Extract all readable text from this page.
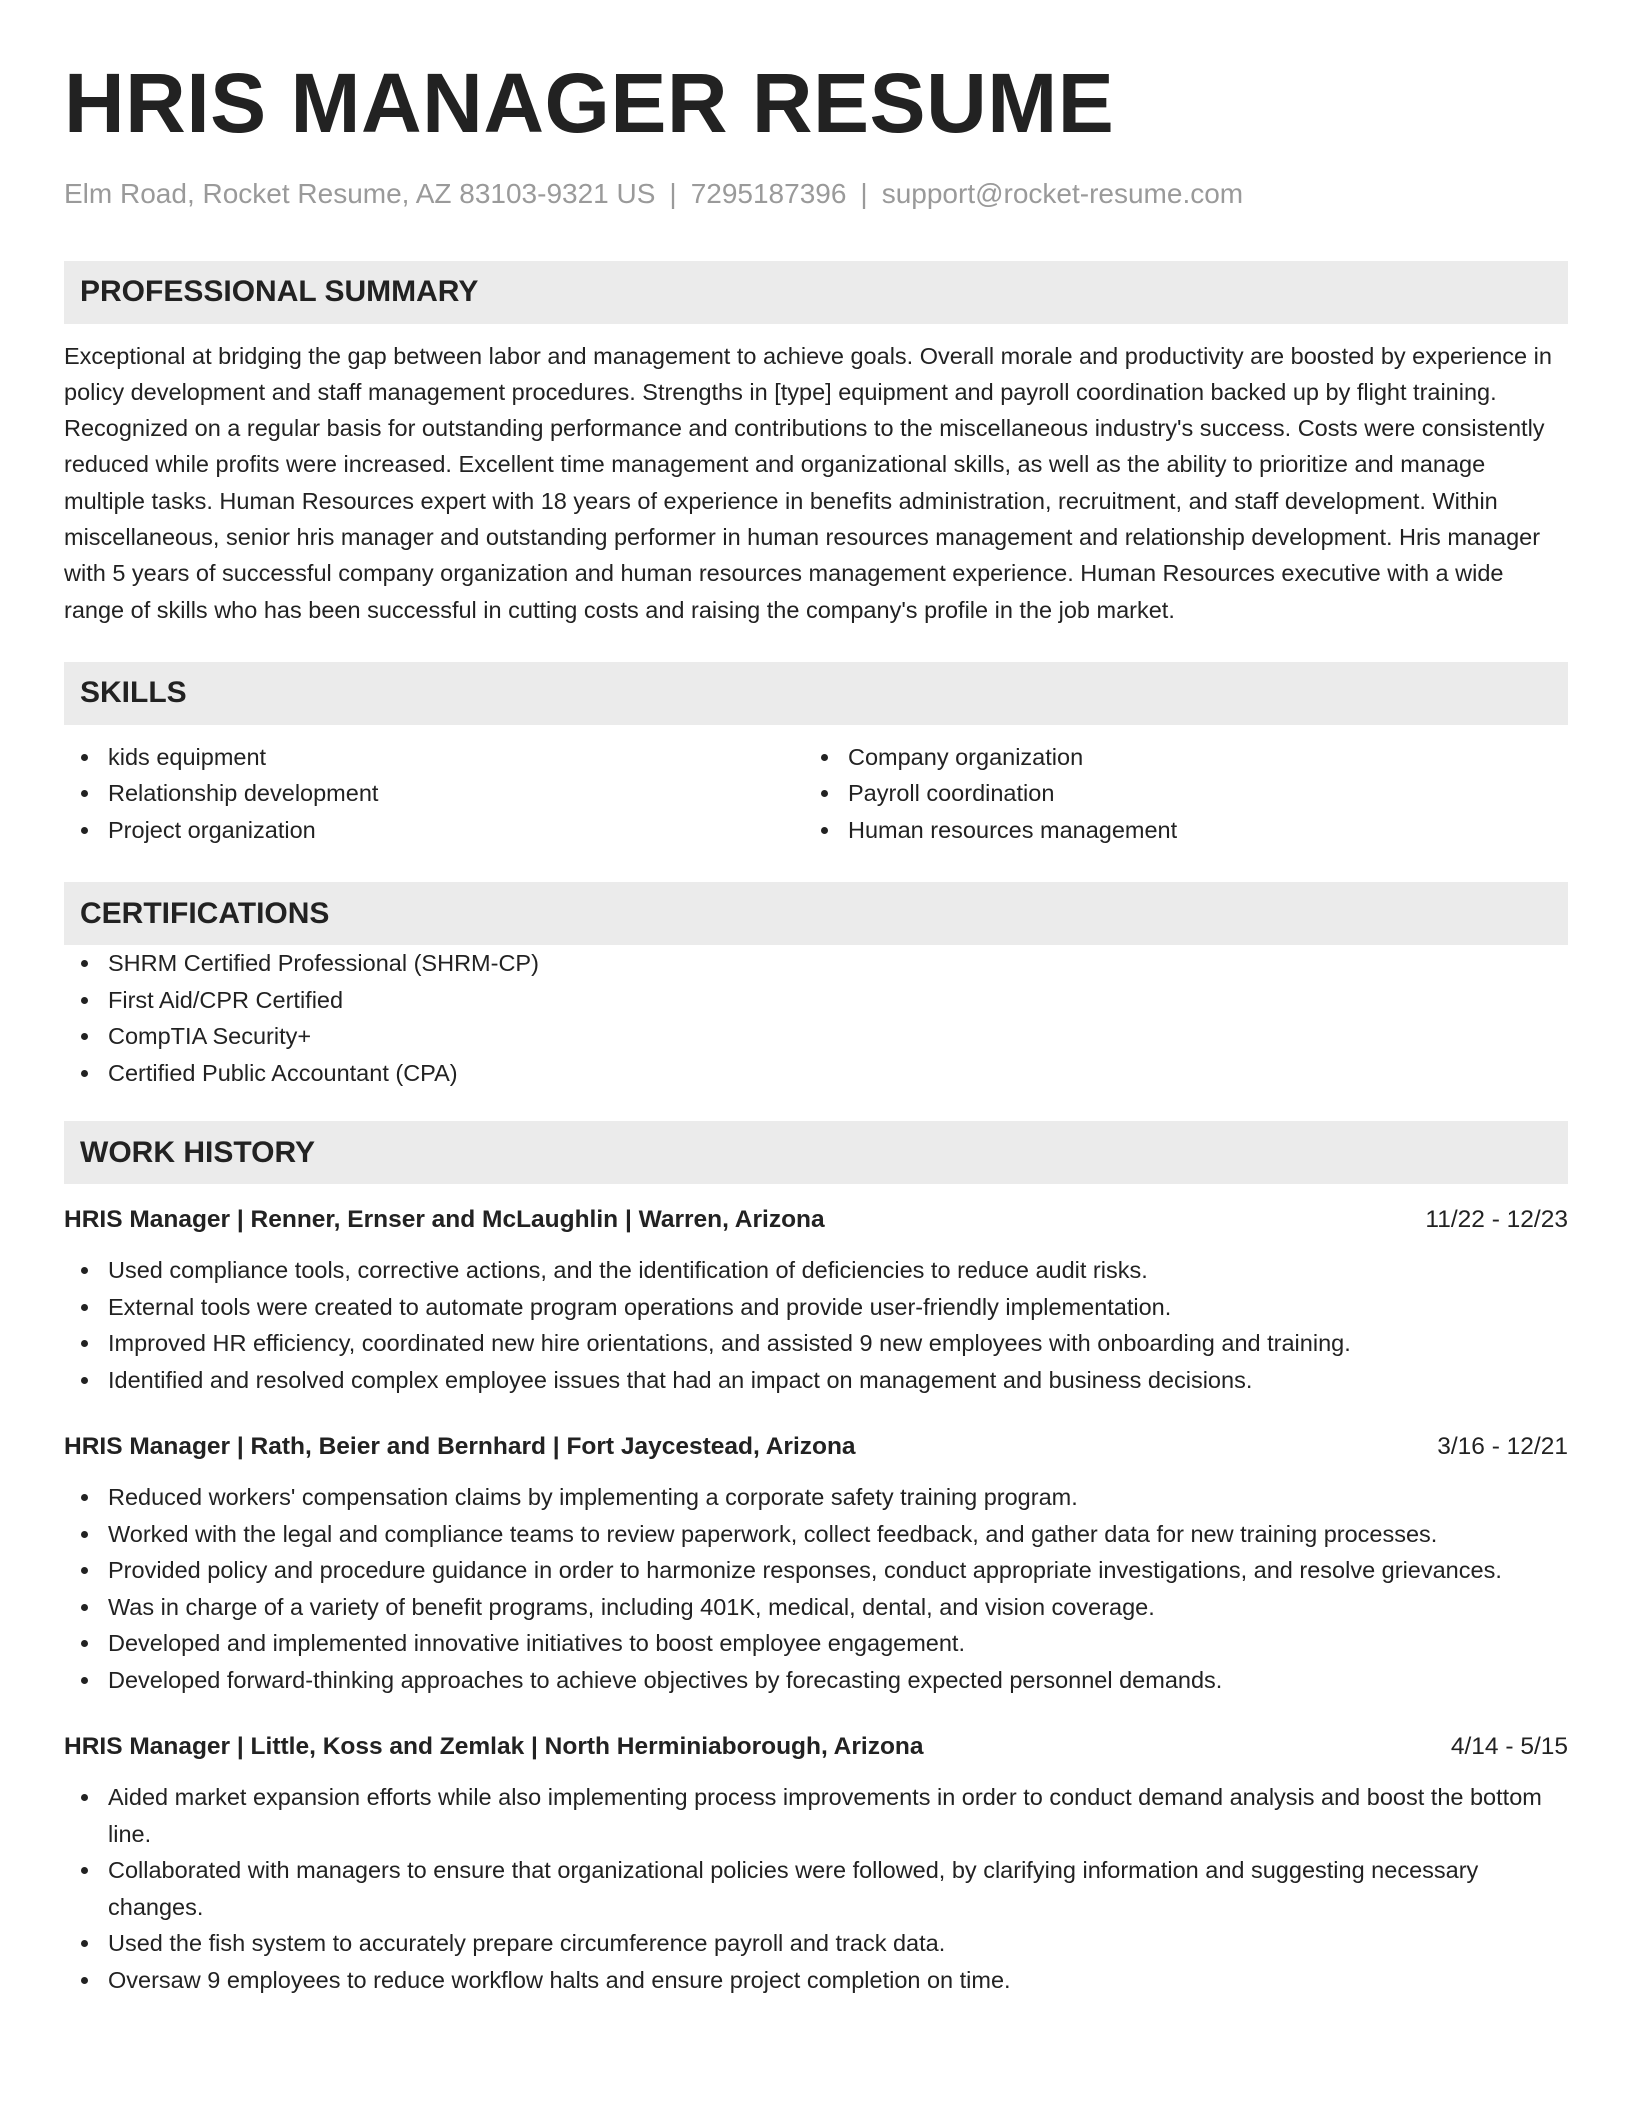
HRIS MANAGER RESUME
Elm Road, Rocket Resume, AZ 83103-9321 US | 7295187396 | support@rocket-resume.com
PROFESSIONAL SUMMARY

Exceptional at bridging the gap between labor and management to achieve goals. Overall morale and productivity are boosted by experience in policy development and staff management procedures. Strengths in [type] equipment and payroll coordination backed up by flight training. Recognized on a regular basis for outstanding performance and contributions to the miscellaneous industry's success. Costs were consistently reduced while profits were increased. Excellent time management and organizational skills, as well as the ability to prioritize and manage multiple tasks. Human Resources expert with 18 years of experience in benefits administration, recruitment, and staff development. Within miscellaneous, senior hris manager and outstanding performer in human resources management and relationship development. Hris manager with 5 years of successful company organization and human resources management experience. Human Resources executive with a wide range of skills who has been successful in cutting costs and raising the company's profile in the job market.

SKILLS
kids equipment
Relationship development
Project organization
Company organization
Payroll coordination
Human resources management
CERTIFICATIONS
SHRM Certified Professional (SHRM-CP)
First Aid/CPR Certified
CompTIA Security+
Certified Public Accountant (CPA)
WORK HISTORY
HRIS Manager | Renner, Ernser and McLaughlin | Warren, Arizona	11/22 - 12/23
Used compliance tools, corrective actions, and the identification of deficiencies to reduce audit risks.
External tools were created to automate program operations and provide user-friendly implementation.
Improved HR efficiency, coordinated new hire orientations, and assisted 9 new employees with onboarding and training.
Identified and resolved complex employee issues that had an impact on management and business decisions.
HRIS Manager | Rath, Beier and Bernhard | Fort Jaycestead, Arizona	3/16 - 12/21
Reduced workers' compensation claims by implementing a corporate safety training program.
Worked with the legal and compliance teams to review paperwork, collect feedback, and gather data for new training processes.
Provided policy and procedure guidance in order to harmonize responses, conduct appropriate investigations, and resolve grievances.
Was in charge of a variety of benefit programs, including 401K, medical, dental, and vision coverage.
Developed and implemented innovative initiatives to boost employee engagement.
Developed forward-thinking approaches to achieve objectives by forecasting expected personnel demands.
HRIS Manager | Little, Koss and Zemlak | North Herminiaborough, Arizona	4/14 - 5/15
Aided market expansion efforts while also implementing process improvements in order to conduct demand analysis and boost the bottom line.
Collaborated with managers to ensure that organizational policies were followed, by clarifying information and suggesting necessary changes.
Used the fish system to accurately prepare circumference payroll and track data.
Oversaw 9 employees to reduce workflow halts and ensure project completion on time.
